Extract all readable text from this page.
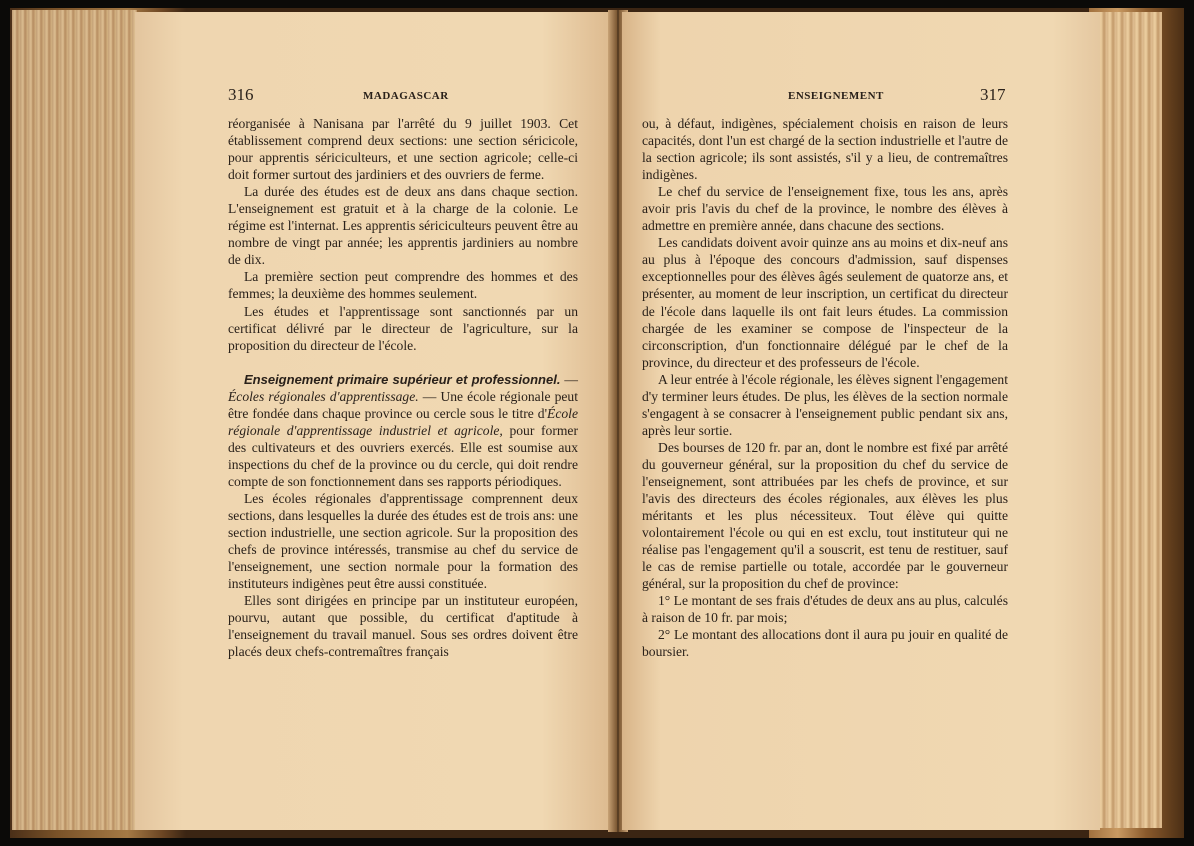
316	MADAGASCAR

réorganisée à Nanisana par l'arrêté du 9 juillet 1903. Cet établissement comprend deux sections: une section séricicole, pour apprentis sériciculteurs, et une section agricole; celle-ci doit former surtout des jardiniers et des ouvriers de ferme.

La durée des études est de deux ans dans chaque section. L'enseignement est gratuit et à la charge de la colonie. Le régime est l'internat. Les apprentis sériciculteurs peuvent être au nombre de vingt par année; les apprentis jardiniers au nombre de dix.

La première section peut comprendre des hommes et des femmes; la deuxième des hommes seulement.

Les études et l'apprentissage sont sanctionnés par un certificat délivré par le directeur de l'agriculture, sur la proposition du directeur de l'école.

Enseignement primaire supérieur et professionnel. — Écoles régionales d'apprentissage. — Une école régionale peut être fondée dans chaque province ou cercle sous le titre d'École régionale d'apprentissage industriel et agricole, pour former des cultivateurs et des ouvriers exercés. Elle est soumise aux inspections du chef de la province ou du cercle, qui doit rendre compte de son fonctionnement dans ses rapports périodiques.

Les écoles régionales d'apprentissage comprennent deux sections, dans lesquelles la durée des études est de trois ans: une section industrielle, une section agricole. Sur la proposition des chefs de province intéressés, transmise au chef du service de l'enseignement, une section normale pour la formation des instituteurs indigènes peut être aussi constituée.

Elles sont dirigées en principe par un instituteur européen, pourvu, autant que possible, du certificat d'aptitude à l'enseignement du travail manuel. Sous ses ordres doivent être placés deux chefs-contremaîtres français

ENSEIGNEMENT	317

ou, à défaut, indigènes, spécialement choisis en raison de leurs capacités, dont l'un est chargé de la section industrielle et l'autre de la section agricole; ils sont assistés, s'il y a lieu, de contremaîtres indigènes.

Le chef du service de l'enseignement fixe, tous les ans, après avoir pris l'avis du chef de la province, le nombre des élèves à admettre en première année, dans chacune des sections.

Les candidats doivent avoir quinze ans au moins et dix-neuf ans au plus à l'époque des concours d'admission, sauf dispenses exceptionnelles pour des élèves âgés seulement de quatorze ans, et présenter, au moment de leur inscription, un certificat du directeur de l'école dans laquelle ils ont fait leurs études. La commission chargée de les examiner se compose de l'inspecteur de la circonscription, d'un fonctionnaire délégué par le chef de la province, du directeur et des professeurs de l'école.

A leur entrée à l'école régionale, les élèves signent l'engagement d'y terminer leurs études. De plus, les élèves de la section normale s'engagent à se consacrer à l'enseignement public pendant six ans, après leur sortie.

Des bourses de 120 fr. par an, dont le nombre est fixé par arrêté du gouverneur général, sur la proposition du chef du service de l'enseignement, sont attribuées par les chefs de province, et sur l'avis des directeurs des écoles régionales, aux élèves les plus méritants et les plus nécessiteux. Tout élève qui quitte volontairement l'école ou qui en est exclu, tout instituteur qui ne réalise pas l'engagement qu'il a souscrit, est tenu de restituer, sauf le cas de remise partielle ou totale, accordée par le gouverneur général, sur la proposition du chef de province:

1° Le montant de ses frais d'études de deux ans au plus, calculés à raison de 10 fr. par mois;

2° Le montant des allocations dont il aura pu jouir en qualité de boursier.
